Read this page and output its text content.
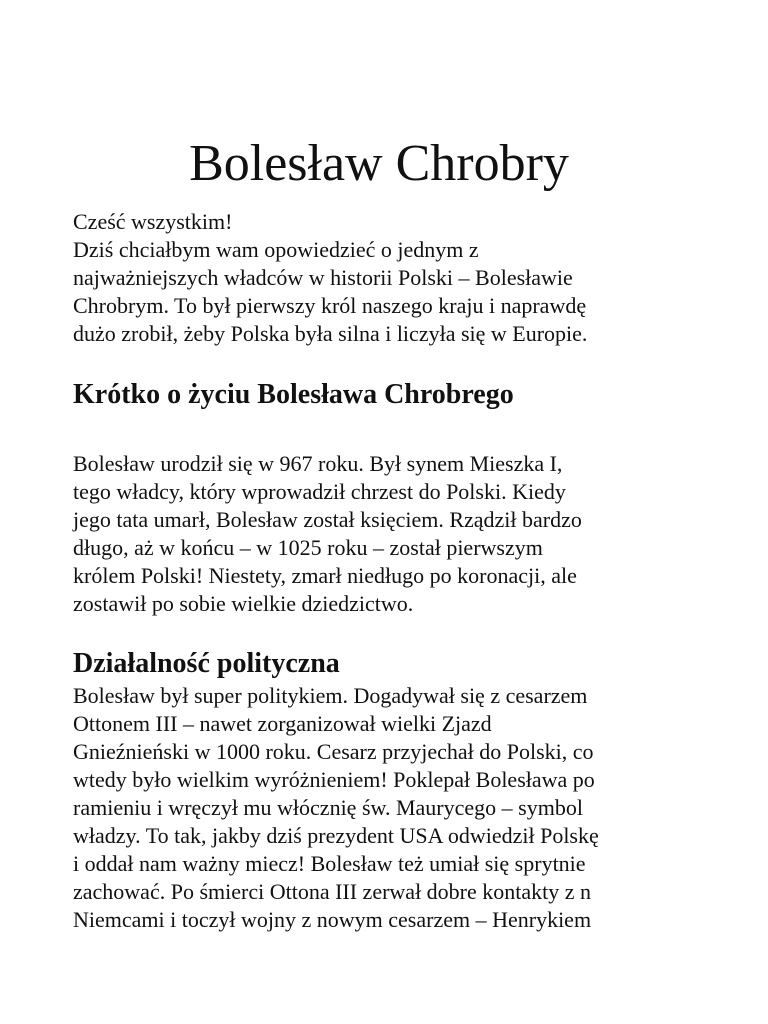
Bolesław Chrobry
Cześć wszystkim!
Dziś chciałbym wam opowiedzieć o jednym z
najważniejszych władców w historii Polski – Bolesławie
Chrobrym. To był pierwszy król naszego kraju i naprawdę
dużo zrobił, żeby Polska była silna i liczyła się w Europie.
Krótko o życiu Bolesława Chrobrego
Bolesław urodził się w 967 roku. Był synem Mieszka I,
tego władcy, który wprowadził chrzest do Polski. Kiedy
jego tata umarł, Bolesław został księciem. Rządził bardzo
długo, aż w końcu – w 1025 roku – został pierwszym
królem Polski! Niestety, zmarł niedługo po koronacji, ale
zostawił po sobie wielkie dziedzictwo.
Działalność polityczna
Bolesław był super politykiem. Dogadywał się z cesarzem
Ottonem III – nawet zorganizował wielki Zjazd
Gnieźnieński w 1000 roku. Cesarz przyjechał do Polski, co
wtedy było wielkim wyróżnieniem! Poklepał Bolesława po
ramieniu i wręczył mu włócznię św. Maurycego – symbol
władzy. To tak, jakby dziś prezydent USA odwiedził Polskę
i oddał nam ważny miecz! Bolesław też umiał się sprytnie
zachować. Po śmierci Ottona III zerwał dobre kontakty z n
Niemcami i toczył wojny z nowym cesarzem – Henrykiem
